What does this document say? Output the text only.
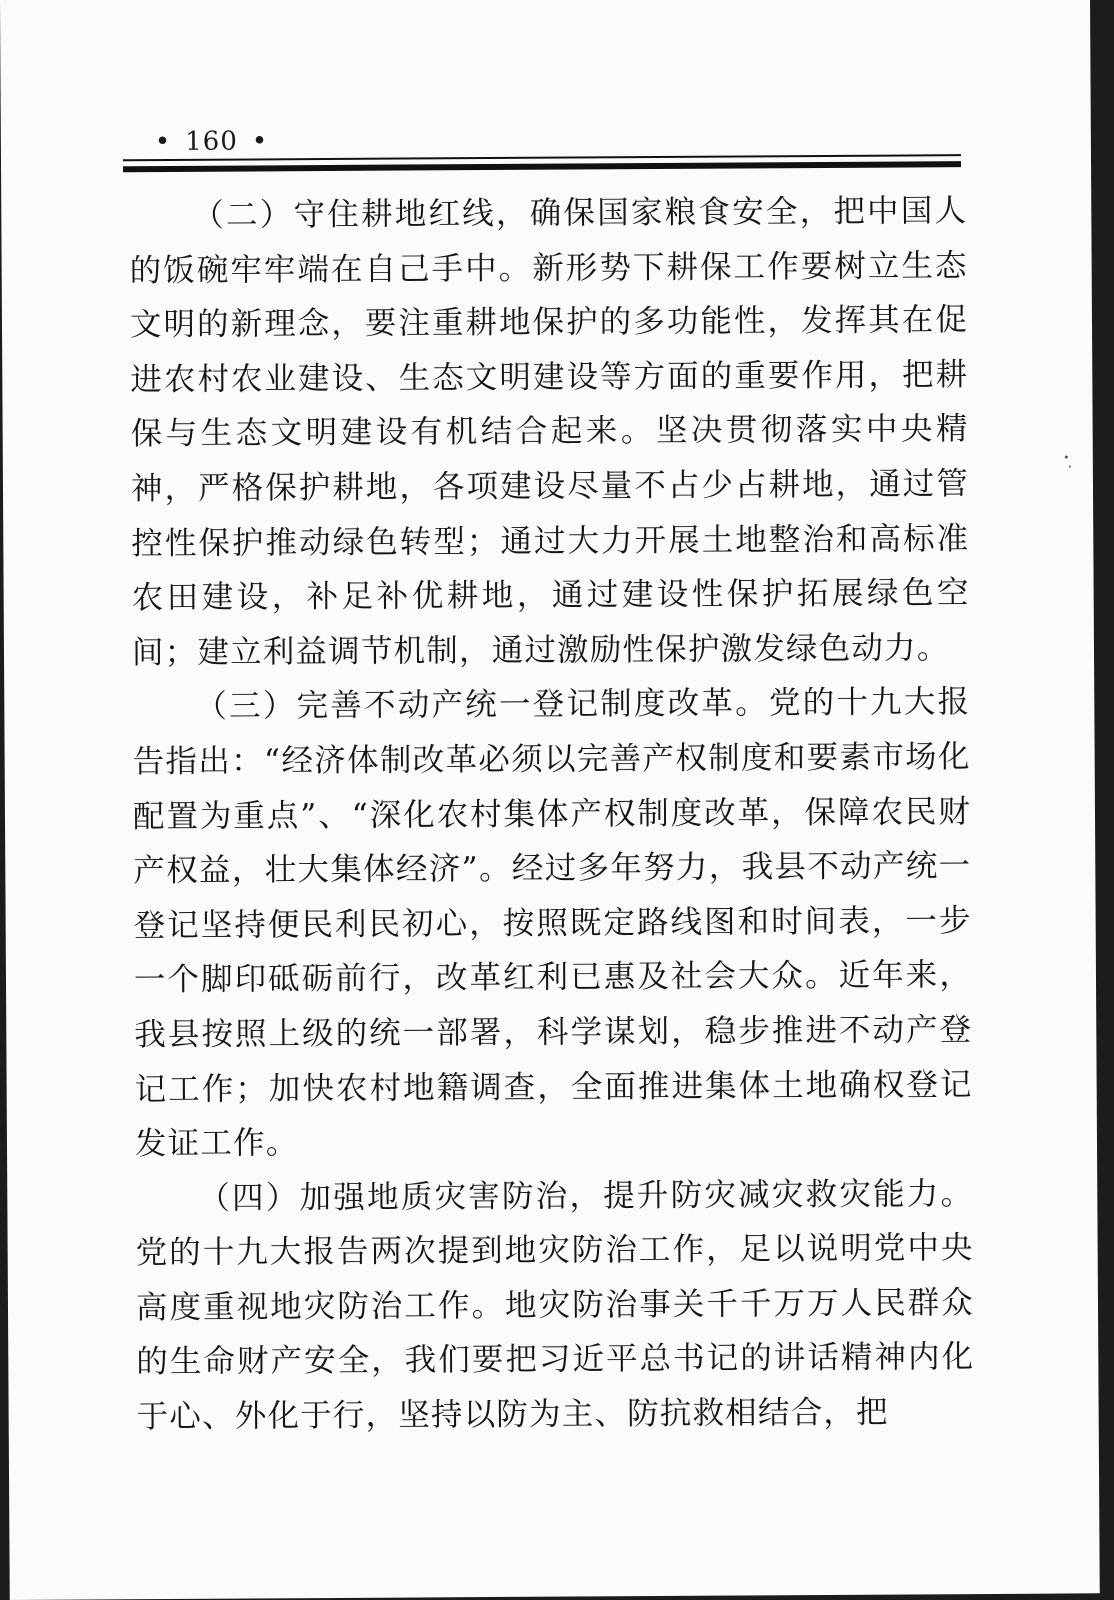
• 160 •

（二）守住耕地红线，确保国家粮食安全，把中国人的饭碗牢牢端在自己手中。新形势下耕保工作要树立生态文明的新理念，要注重耕地保护的多功能性，发挥其在促进农村农业建设、生态文明建设等方面的重要作用，把耕保与生态文明建设有机结合起来。坚决贯彻落实中央精神，严格保护耕地，各项建设尽量不占少占耕地，通过管控性保护推动绿色转型；通过大力开展土地整治和高标准农田建设，补足补优耕地，通过建设性保护拓展绿色空间；建立利益调节机制，通过激励性保护激发绿色动力。

（三）完善不动产统一登记制度改革。党的十九大报告指出：“经济体制改革必须以完善产权制度和要素市场化配置为重点”、“深化农村集体产权制度改革，保障农民财产权益，壮大集体经济”。经过多年努力，我县不动产统一登记坚持便民利民初心，按照既定路线图和时间表，一步一个脚印砥砺前行，改革红利已惠及社会大众。近年来，我县按照上级的统一部署，科学谋划，稳步推进不动产登记工作；加快农村地籍调查，全面推进集体土地确权登记发证工作。

（四）加强地质灾害防治，提升防灾减灾救灾能力。党的十九大报告两次提到地灾防治工作，足以说明党中央高度重视地灾防治工作。地灾防治事关千千万万人民群众的生命财产安全，我们要把习近平总书记的讲话精神内化于心、外化于行，坚持以防为主、防抗救相结合，把
